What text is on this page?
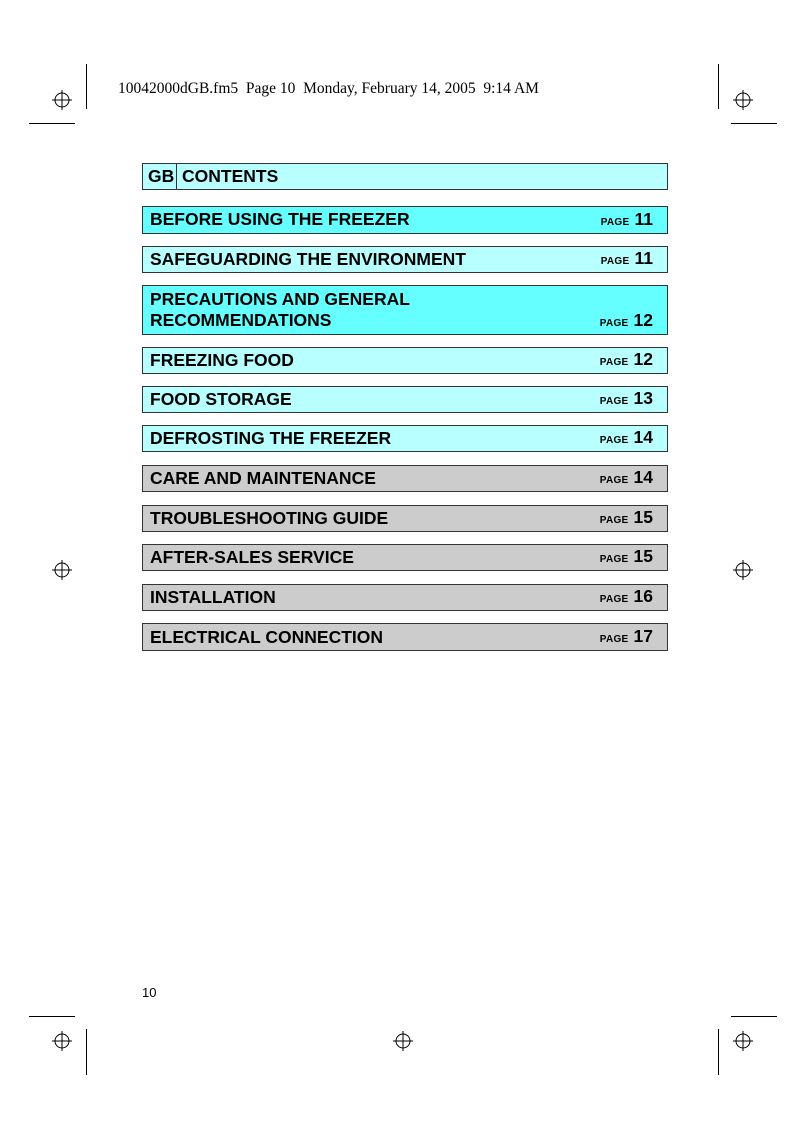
10042000dGB.fm5  Page 10  Monday, February 14, 2005  9:14 AM
GB CONTENTS
BEFORE USING THE FREEZER	PAGE 11
SAFEGUARDING THE ENVIRONMENT	PAGE 11
PRECAUTIONS AND GENERAL
RECOMMENDATIONS	PAGE 12
FREEZING FOOD	PAGE 12
FOOD STORAGE	PAGE 13
DEFROSTING THE FREEZER	PAGE 14
CARE AND MAINTENANCE	PAGE 14
TROUBLESHOOTING GUIDE	PAGE 15
AFTER-SALES SERVICE	PAGE 15
INSTALLATION	PAGE 16
ELECTRICAL CONNECTION	PAGE 17
10
